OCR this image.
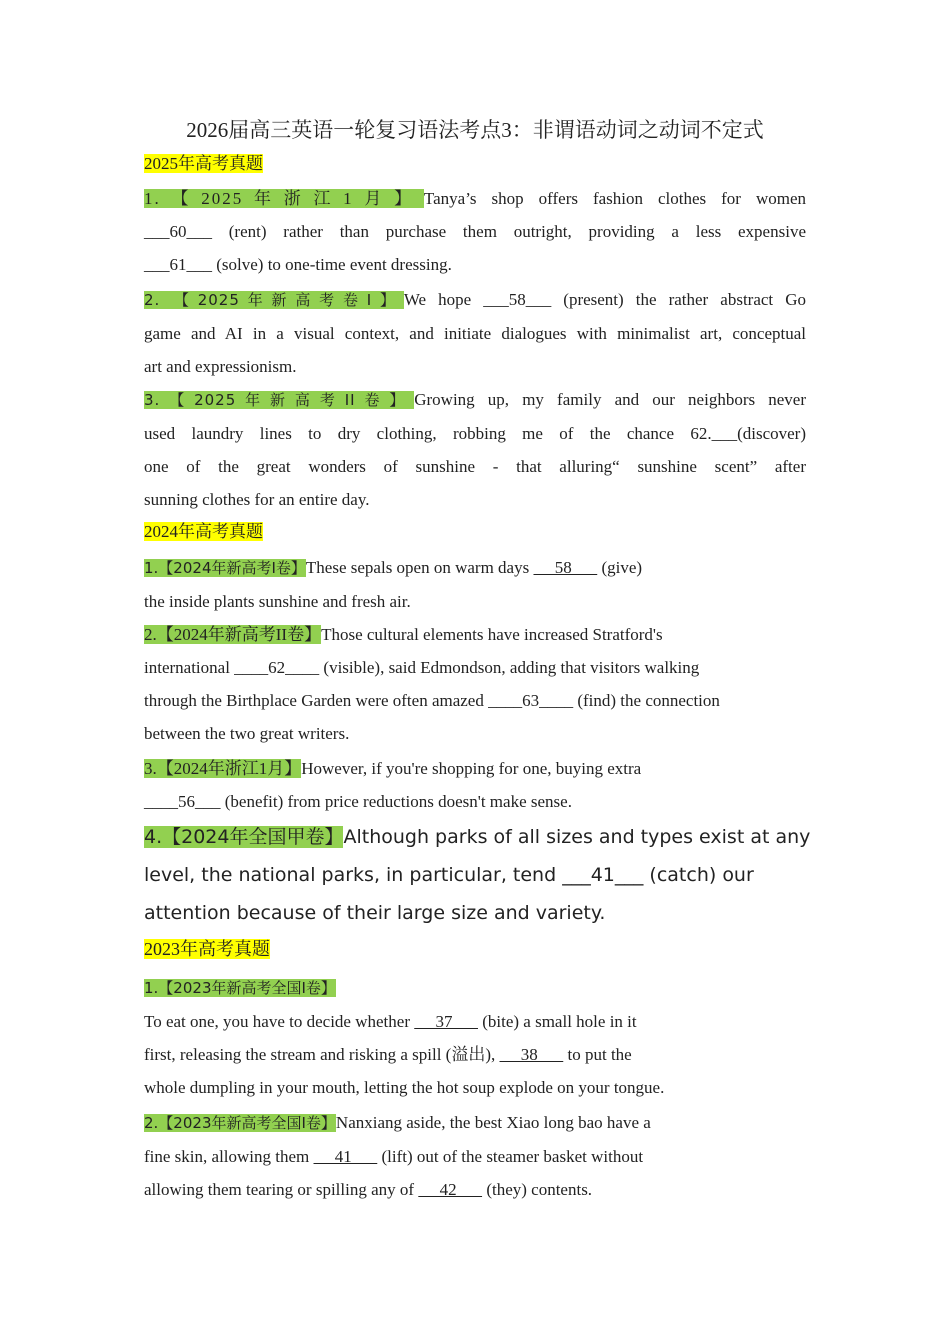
2026届高三英语一轮复习语法考点3：非谓语动词之动词不定式
2025年高考真题
1.【2025年浙江1月】Tanya’s shop offers fashion clothes for women
___60___ (rent) rather than purchase them outright, providing a less expensive
___61___ (solve) to one-time event dressing.
2. 【2025年新高考卷Ⅰ】We hope ___58___ (present) the rather abstract Go
game and AI in a visual context, and initiate dialogues with minimalist art, conceptual
art and expressionism.
3.【2025年新高考II卷】Growing up, my family and our neighbors never
used laundry lines to dry clothing, robbing me of the chance 62.___(discover)
one of the great wonders of sunshine - that alluring“ sunshine scent” after
sunning clothes for an entire day.
2024年高考真题
1.【2024年新高考Ⅰ卷】These sepals open on warm days      58       (give)
the inside plants sunshine and fresh air.
2.【2024年新高考II卷】Those cultural elements have increased Stratford's
international ____62____ (visible), said Edmondson, adding that visitors walking
through the Birthplace Garden were often amazed ____63____ (find) the connection
between the two great writers.
3.【2024年浙江1月】However, if you're shopping for one, buying extra
____56___ (benefit) from price reductions doesn't make sense.
4.【2024年全国甲卷】Although parks of all sizes and types exist at any
level, the national parks, in particular, tend ___41___ (catch) our
attention because of their large size and variety.
2023年高考真题
1.【2023年新高考全国Ⅰ卷】
To eat one, you have to decide whether      37       (bite) a small hole in it
first, releasing the stream and risking a spill (溢出),      38       to put the
whole dumpling in your mouth, letting the hot soup explode on your tongue.
2.【2023年新高考全国Ⅰ卷】Nanxiang aside, the best Xiao long bao have a
fine skin, allowing them      41       (lift) out of the steamer basket without
allowing them tearing or spilling any of      42       (they) contents.
